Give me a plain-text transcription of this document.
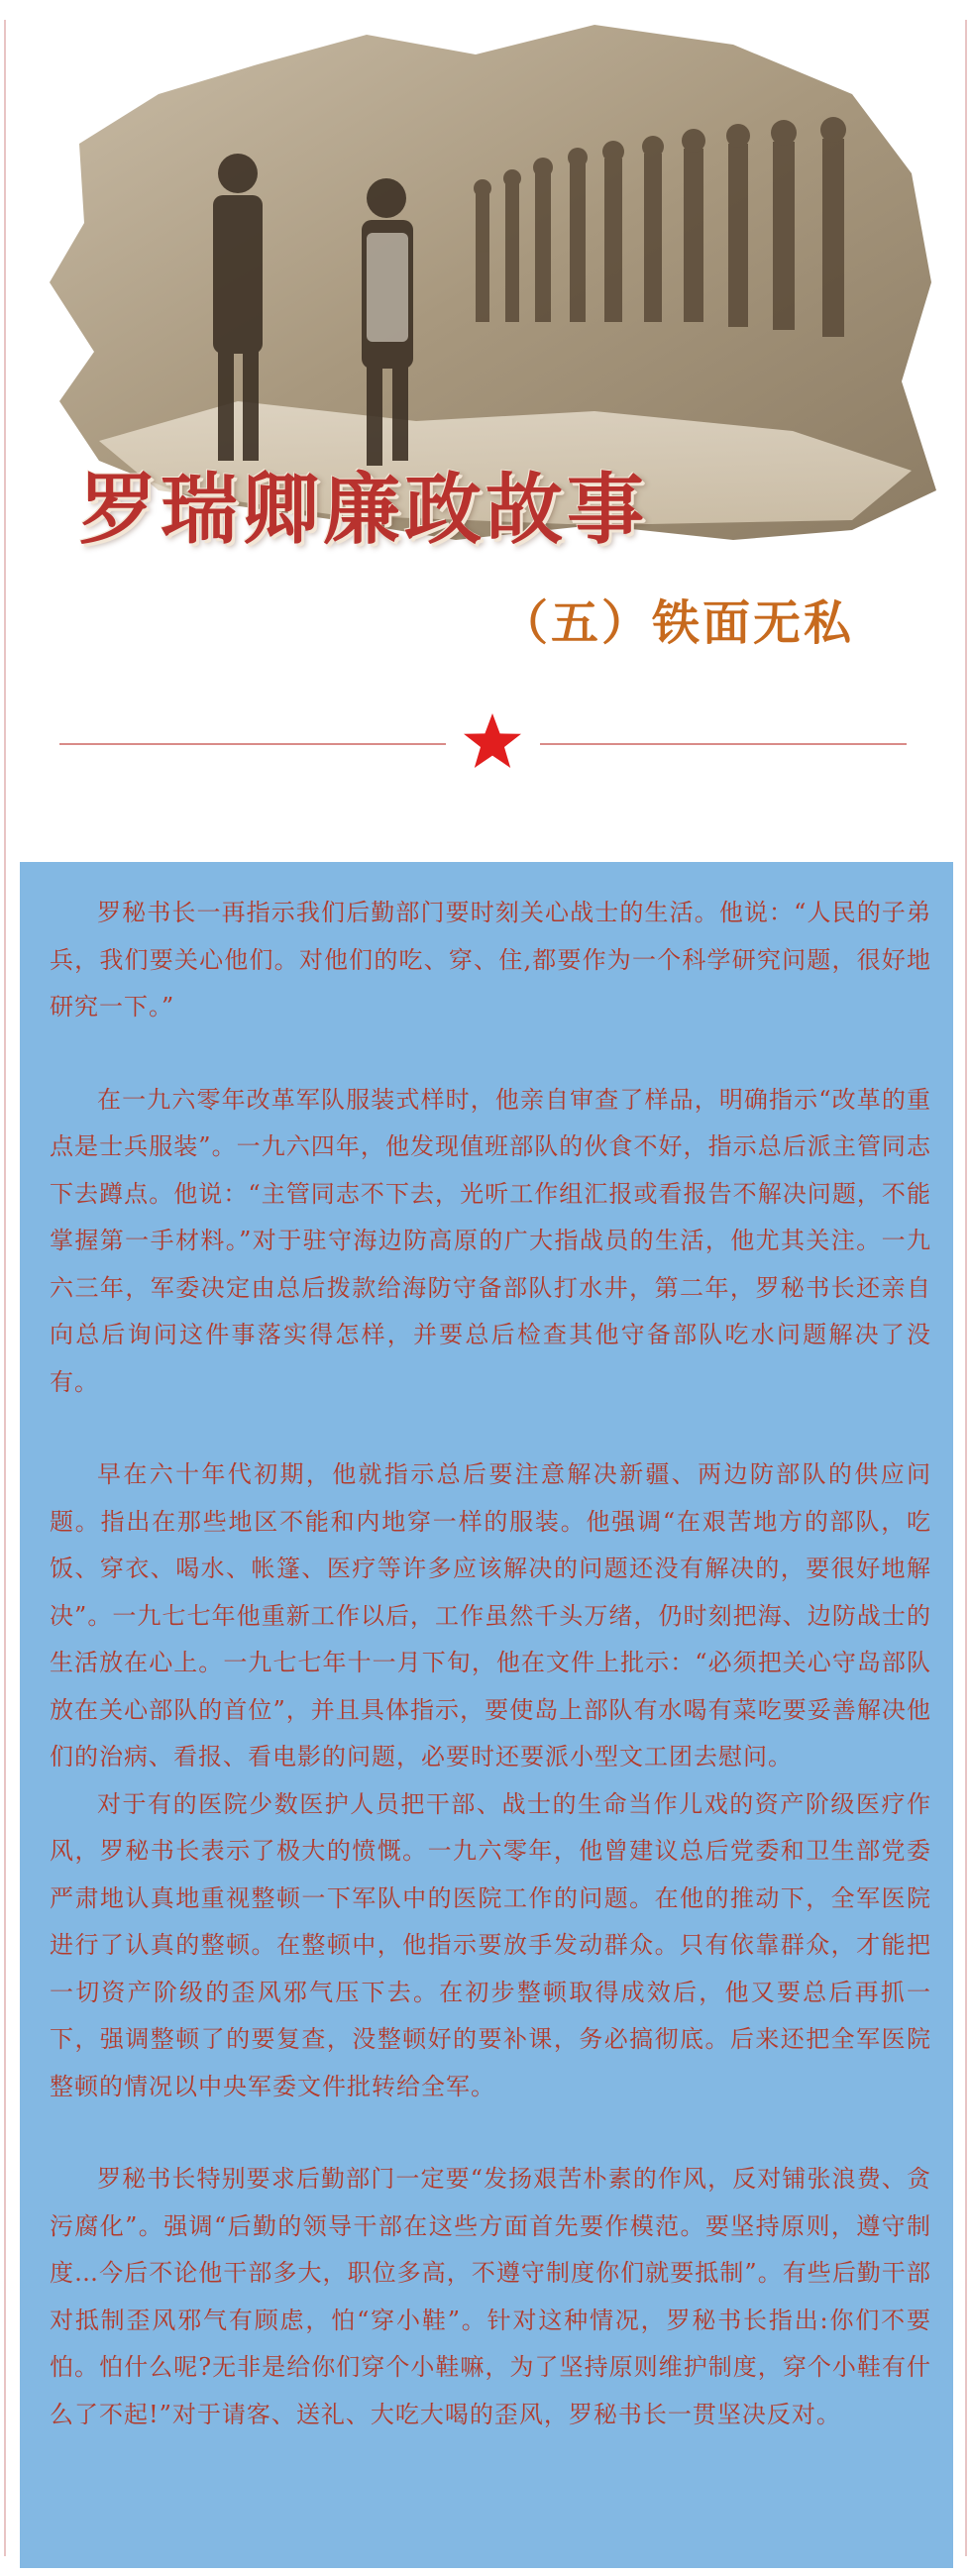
罗瑞卿廉政故事
（五）铁面无私

罗秘书长一再指示我们后勤部门要时刻关心战士的生活。他说：“人民的子弟兵，我们要关心他们。对他们的吃、穿、住,都要作为一个科学研究问题，很好地研究一下。”

在一九六零年改革军队服装式样时，他亲自审查了样品，明确指示“改革的重点是士兵服装”。一九六四年，他发现值班部队的伙食不好，指示总后派主管同志下去蹲点。他说：“主管同志不下去，光听工作组汇报或看报告不解决问题，不能掌握第一手材料。”对于驻守海边防高原的广大指战员的生活，他尤其关注。一九六三年，军委决定由总后拨款给海防守备部队打水井，第二年，罗秘书长还亲自向总后询问这件事落实得怎样，并要总后检查其他守备部队吃水问题解决了没有。

早在六十年代初期，他就指示总后要注意解决新疆、两边防部队的供应问题。指出在那些地区不能和内地穿一样的服装。他强调“在艰苦地方的部队，吃饭、穿衣、喝水、帐篷、医疗等许多应该解决的问题还没有解决的，要很好地解决”。一九七七年他重新工作以后，工作虽然千头万绪，仍时刻把海、边防战士的生活放在心上。一九七七年十一月下旬，他在文件上批示：“必须把关心守岛部队放在关心部队的首位”，并且具体指示，要使岛上部队有水喝有菜吃要妥善解决他们的治病、看报、看电影的问题，必要时还要派小型文工团去慰问。

对于有的医院少数医护人员把干部、战士的生命当作儿戏的资产阶级医疗作风，罗秘书长表示了极大的愤慨。一九六零年，他曾建议总后党委和卫生部党委严肃地认真地重视整顿一下军队中的医院工作的问题。在他的推动下，全军医院进行了认真的整顿。在整顿中，他指示要放手发动群众。只有依靠群众，才能把一切资产阶级的歪风邪气压下去。在初步整顿取得成效后，他又要总后再抓一下，强调整顿了的要复查，没整顿好的要补课，务必搞彻底。后来还把全军医院整顿的情况以中央军委文件批转给全军。

罗秘书长特别要求后勤部门一定要“发扬艰苦朴素的作风，反对铺张浪费、贪污腐化”。强调“后勤的领导干部在这些方面首先要作模范。要坚持原则，遵守制度…今后不论他干部多大，职位多高，不遵守制度你们就要抵制”。有些后勤干部对抵制歪风邪气有顾虑，怕“穿小鞋”。针对这种情况，罗秘书长指出:你们不要怕。怕什么呢?无非是给你们穿个小鞋嘛，为了坚持原则维护制度，穿个小鞋有什么了不起!”对于请客、送礼、大吃大喝的歪风，罗秘书长一贯坚决反对。
